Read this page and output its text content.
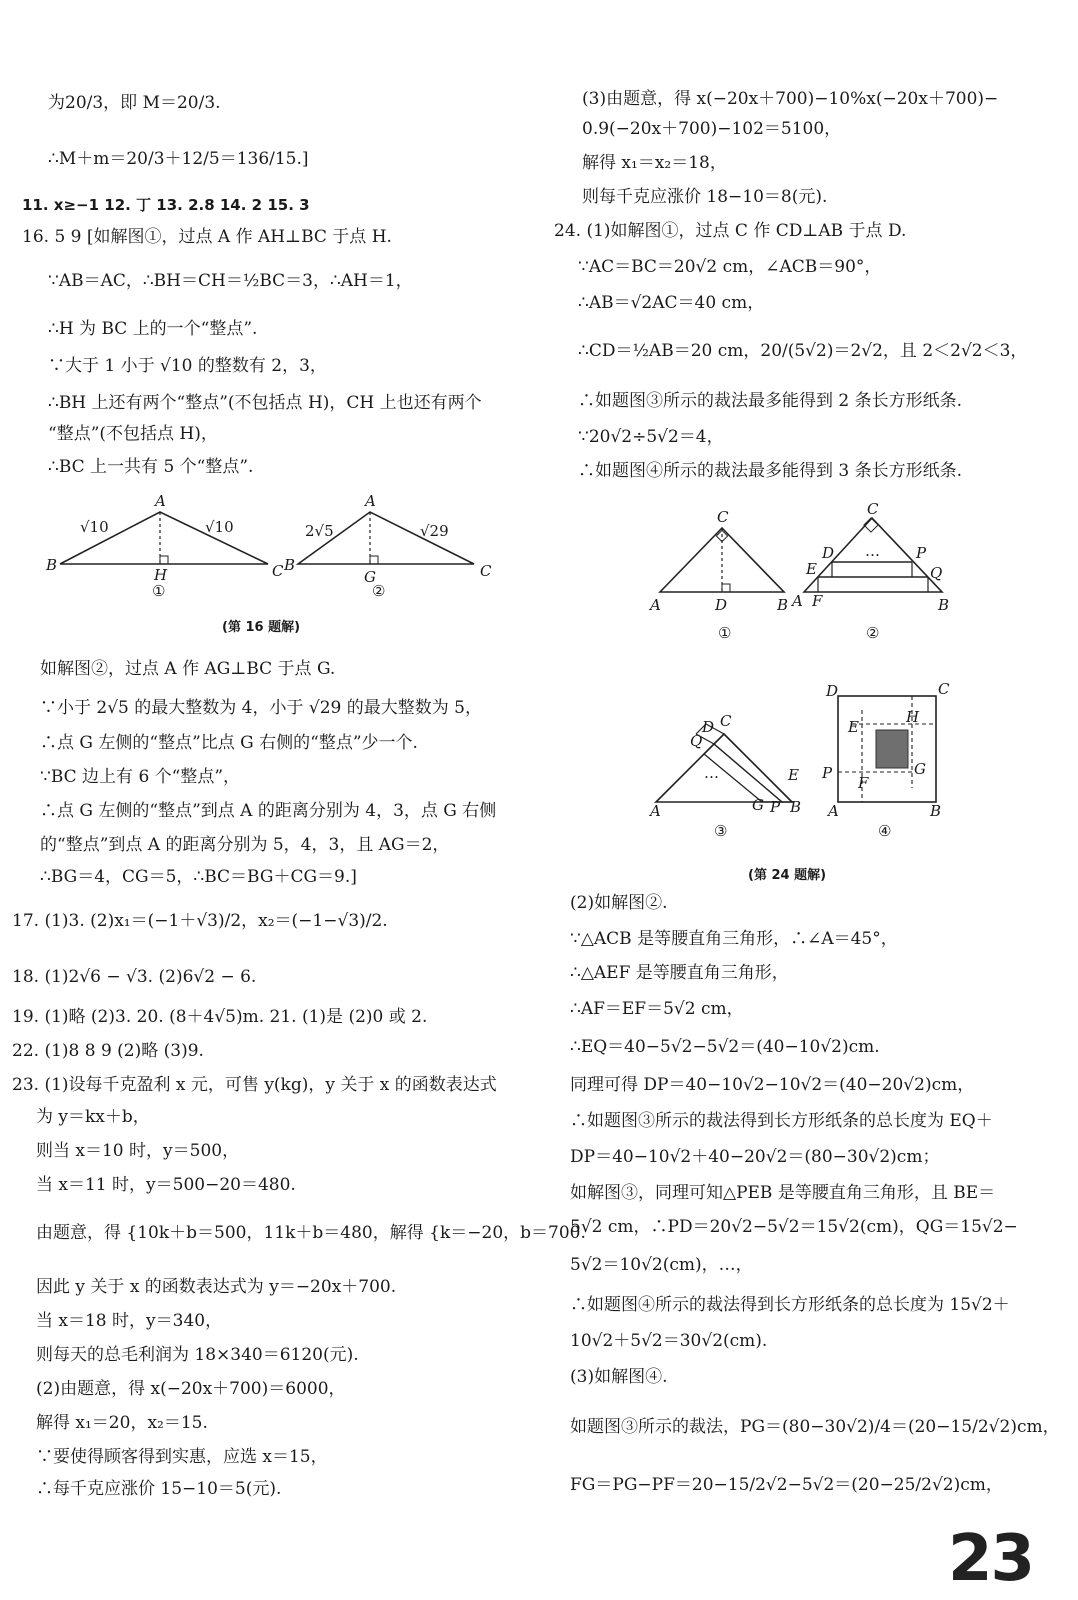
为20/3，即 M＝20/3.
∴M＋m＝20/3＋12/5＝136/15.]
11. x≥−1 12. 丁 13. 2.8 14. 2 15. 3
16. 5 9 [如解图①，过点 A 作 AH⊥BC 于点 H.
∵AB＝AC，∴BH＝CH＝½BC＝3，∴AH＝1，
∴H 为 BC 上的一个“整点”.
∵大于 1 小于 √10 的整数有 2，3，
∴BH 上还有两个“整点”(不包括点 H)，CH 上也还有两个
“整点”(不包括点 H)，
∴BC 上一共有 5 个“整点”.
A
B	C
H
√10	√10
①
A
B	C
G
2√5	√29
②
(第 16 题解)
如解图②，过点 A 作 AG⊥BC 于点 G.
∵小于 2√5 的最大整数为 4，小于 √29 的最大整数为 5，
∴点 G 左侧的“整点”比点 G 右侧的“整点”少一个.
∵BC 边上有 6 个“整点”，
∴点 G 左侧的“整点”到点 A 的距离分别为 4，3，点 G 右侧
的“整点”到点 A 的距离分别为 5，4，3，且 AG＝2，
∴BG＝4，CG＝5，∴BC＝BG＋CG＝9.]
17. (1)3. (2)x₁＝(−1＋√3)/2，x₂＝(−1−√3)/2.
18. (1)2√6 − √3. (2)6√2 − 6.
19. (1)略 (2)3. 20. (8＋4√5)m. 21. (1)是 (2)0 或 2.
22. (1)8 8 9 (2)略 (3)9.
23. (1)设每千克盈利 x 元，可售 y(kg)，y 关于 x 的函数表达式
为 y＝kx＋b，
则当 x＝10 时，y＝500，
当 x＝11 时，y＝500−20＝480.
由题意，得 {10k＋b＝500，11k＋b＝480，解得 {k＝−20，b＝700.
因此 y 关于 x 的函数表达式为 y＝−20x＋700.
当 x＝18 时，y＝340，
则每天的总毛利润为 18×340＝6120(元).
(2)由题意，得 x(−20x＋700)＝6000，
解得 x₁＝20，x₂＝15.
∵要使得顾客得到实惠，应选 x＝15，
∴每千克应涨价 15−10＝5(元).
(3)由题意，得 x(−20x＋700)−10%x(−20x＋700)−
0.9(−20x＋700)−102＝5100，
解得 x₁＝x₂＝18，
则每千克应涨价 18−10＝8(元).
24. (1)如解图①，过点 C 作 CD⊥AB 于点 D.
∵AC＝BC＝20√2 cm，∠ACB＝90°，
∴AB＝√2AC＝40 cm，
∴CD＝½AB＝20 cm，20/(5√2)＝2√2，且 2＜2√2＜3，
∴如题图③所示的裁法最多能得到 2 条长方形纸条.
∵20√2÷5√2＝4，
∴如题图④所示的裁法最多能得到 3 条长方形纸条.
C
A	B
D
①
…
C
D
E
P
Q
A F	B
②
…
C
D
Q
E
A	G P B
③
D	C
E
H
P
F
G
A	B
④
(第 24 题解)
(2)如解图②.
∵△ACB 是等腰直角三角形，∴∠A＝45°，
∴△AEF 是等腰直角三角形，
∴AF＝EF＝5√2 cm，
∴EQ＝40−5√2−5√2＝(40−10√2)cm.
同理可得 DP＝40−10√2−10√2＝(40−20√2)cm，
∴如题图③所示的裁法得到长方形纸条的总长度为 EQ＋
DP＝40−10√2＋40−20√2＝(80−30√2)cm；
如解图③，同理可知△PEB 是等腰直角三角形，且 BE＝
5√2 cm，∴PD＝20√2−5√2＝15√2(cm)，QG＝15√2−
5√2＝10√2(cm)，…，
∴如题图④所示的裁法得到长方形纸条的总长度为 15√2＋
10√2＋5√2＝30√2(cm).
(3)如解图④.
如题图③所示的裁法，PG＝(80−30√2)/4＝(20−15/2√2)cm，
FG＝PG−PF＝20−15/2√2−5√2＝(20−25/2√2)cm，
23
